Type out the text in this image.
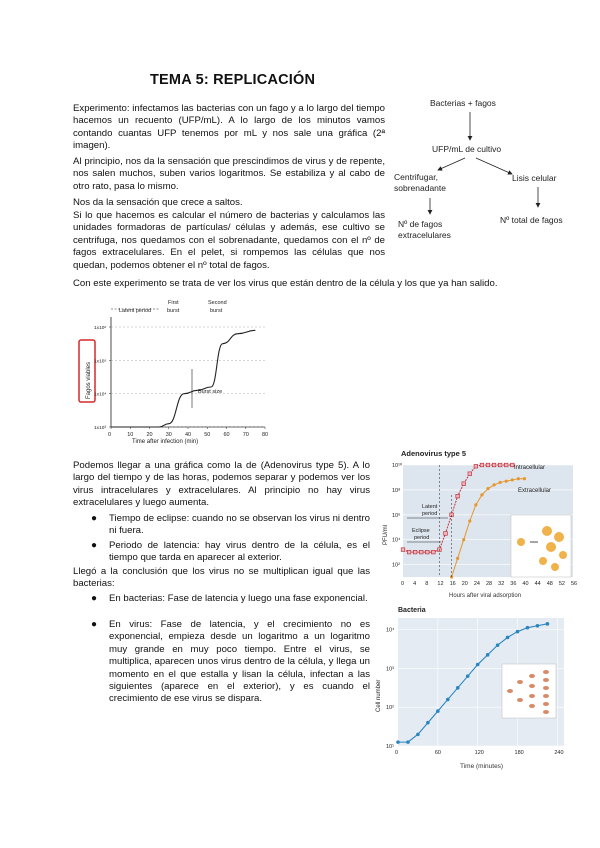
TEMA 5: REPLICACIÓN
Experimento: infectamos las bacterias con un fago y a lo largo del tiempo hacemos un recuento (UFP/mL). A lo largo de los minutos vamos contando cuantas UFP tenemos por mL y nos sale una gráfica (2ª imagen).
Al principio, nos da la sensación que prescindimos de virus y de repente, nos salen muchos, suben varios logaritmos. Se estabiliza y al cabo de otro rato, pasa lo mismo.
Nos da la sensación que crece a saltos.
Si lo que hacemos es calcular el número de bacterias y calculamos las unidades formadoras de partículas/ células y además, ese cultivo se centrifuga, nos quedamos con el sobrenadante, quedamos con el nº de fagos extracelulares. En el pelet, si rompemos las células que nos quedan, podemos obtener el nº total de fagos.
Con este experimento se trata de ver los virus que están dentro de la célula y los que ya han salido.
Bacterias + fagos
UFP/mL de cultivo
Centrifugar,
sobrenadante
Lisis celular
Nº de fagos
extracelulares
Nº total de fagos
Fagos viables
0	10 20 30 40 50 60 70 80
1x10³
1x10⁴
1x10⁵
1x10⁶
Time after infection (min)
Latent period
First
burst
Second
burst
Burst size
Podemos llegar a una gráfica como la de (Adenovirus type 5). A lo largo del tiempo y de las horas, podemos separar y podemos ver los virus intracelulares y extracelulares. Al principio no hay virus extracelulares y luego aumenta.
● Tiempo de eclipse: cuando no se observan los virus ni dentro ni fuera.
● Periodo de latencia: hay virus dentro de la célula, es el tiempo que tarda en aparecer al exterior.
Llegó a la conclusión que los virus no se multiplican igual que las bacterias:
● En bacterias: Fase de latencia y luego una fase exponencial.
● En virus: Fase de latencia, y el crecimiento no es exponencial, empieza desde un logaritmo a un logaritmo muy grande en muy poco tiempo. Entre el virus, se multiplica, aparecen unos virus dentro de la célula, y llega un momento en el que estalla y lisan la célula, infectan a las siguientes (aparece en el exterior), y es cuando el crecimiento de ese virus se dispara.
Adenovirus type 5
0 4 8 12 16 20 24 28 32 36 40 44 48 52 56
10¹⁰
10⁸
10⁶
10⁴
10²
PFU/ml
Hours after viral adsorption
Intracellular
Extracellular
Latent
period
Eclipse
period
Bacteria
0	60	120	180	240
10⁴
10³
10²
10¹
Cell number
Time (minutes)
